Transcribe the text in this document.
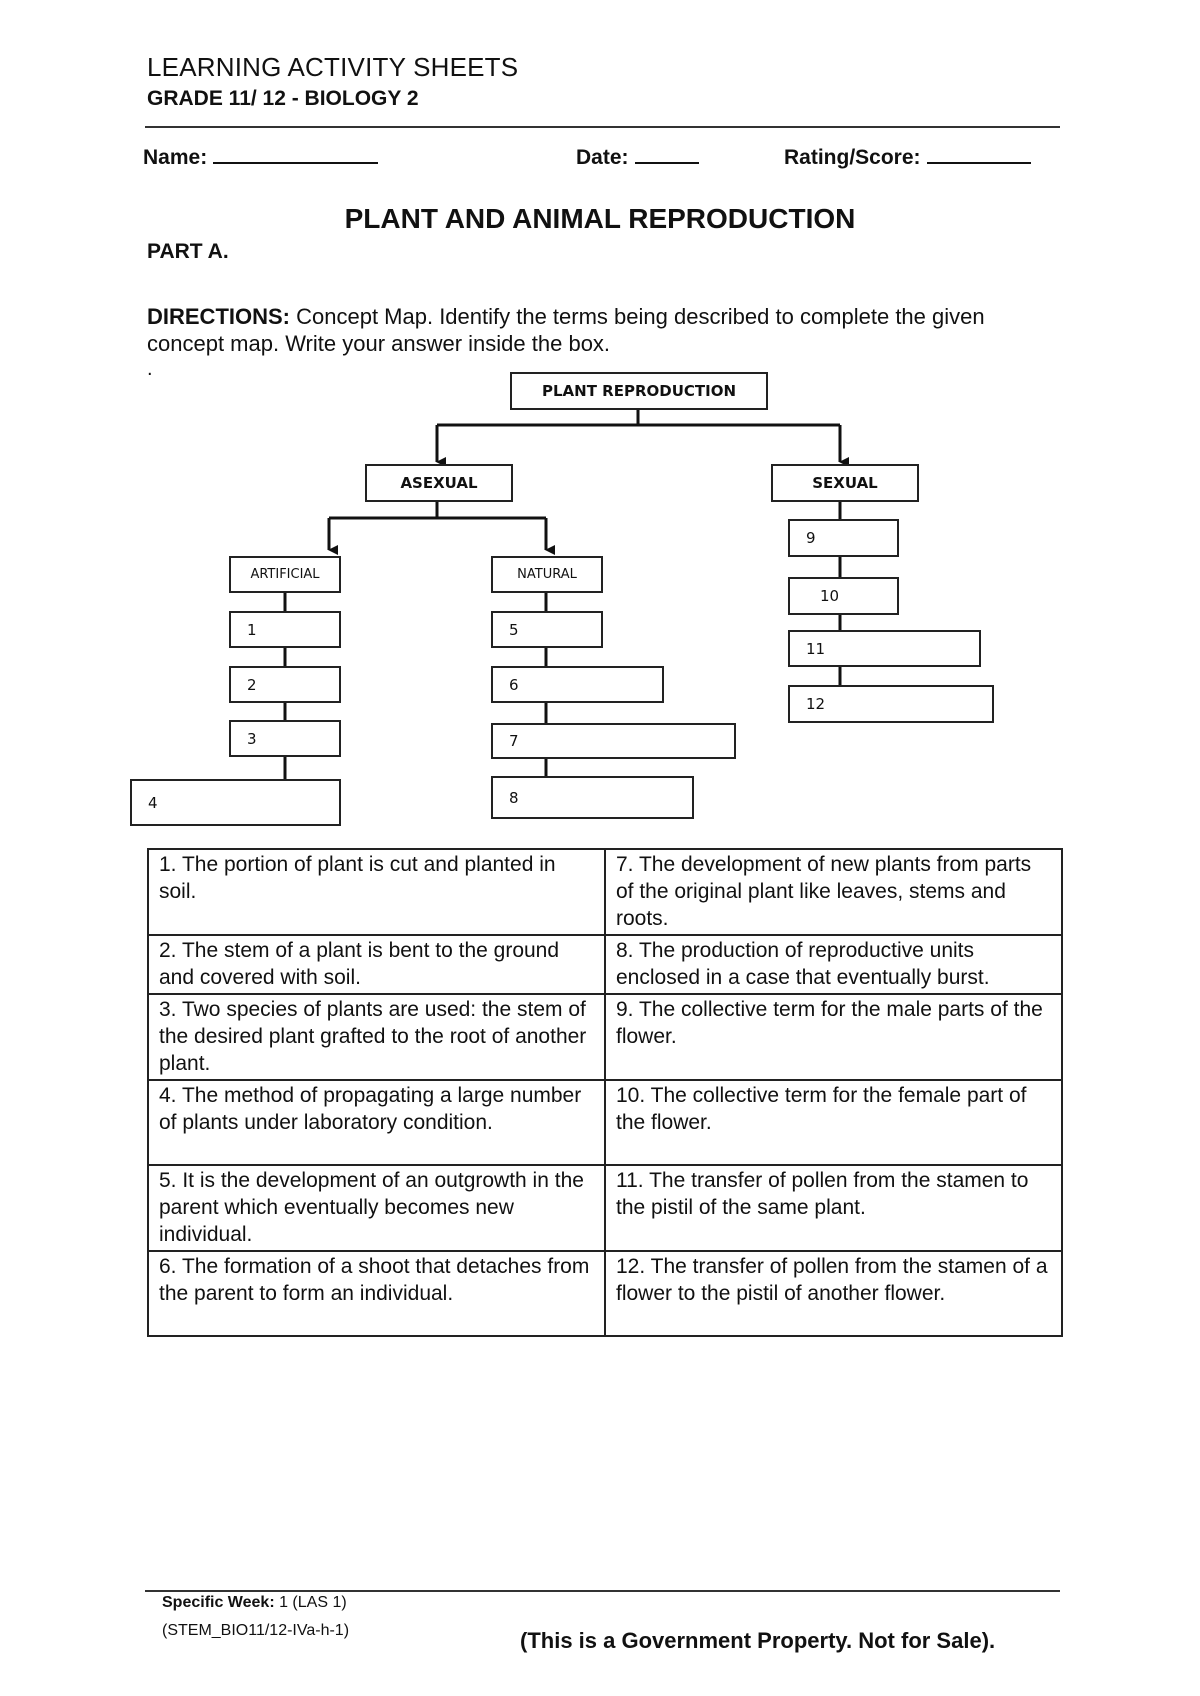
LEARNING ACTIVITY SHEETS
GRADE 11/ 12 - BIOLOGY 2
Name:	Date:	Rating/Score:
PLANT AND ANIMAL REPRODUCTION
PART A.
DIRECTIONS: Concept Map. Identify the terms being described to complete the given concept map. Write your answer inside the box.
.
PLANT REPRODUCTION
ASEXUAL	SEXUAL
ARTIFICIAL	NATURAL
1
2
3
4
5
6
7
8
9
10
11
12
1. The portion of plant is cut and planted in soil.	7. The development of new plants from parts of the original plant like leaves, stems and roots.
2. The stem of a plant is bent to the ground and covered with soil.	8. The production of reproductive units enclosed in a case that eventually burst.
3. Two species of plants are used: the stem of the desired plant grafted to the root of another plant.	9. The collective term for the male parts of the flower.
4. The method of propagating a large number of plants under laboratory condition.	10. The collective term for the female part of the flower.
5. It is the development of an outgrowth in the parent which eventually becomes new individual.	11. The transfer of pollen from the stamen to the pistil of the same plant.
6. The formation of a shoot that detaches from the parent to form an individual.	12. The transfer of pollen from the stamen of a flower to the pistil of another flower.
Specific Week: 1 (LAS 1)
(STEM_BIO11/12-IVa-h-1)	(This is a Government Property. Not for Sale).
